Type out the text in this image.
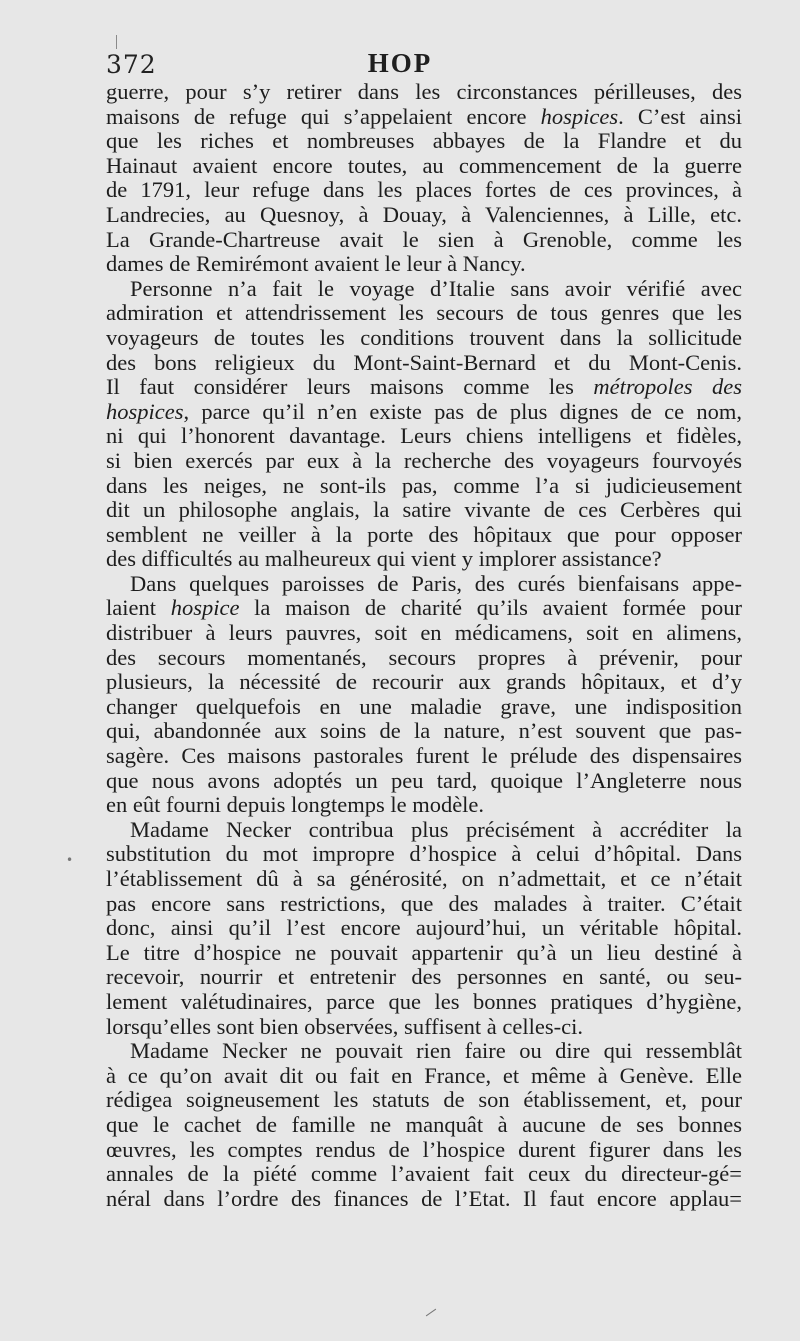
372	HOP
guerre, pour s’y retirer dans les circonstances périlleuses, des
maisons de refuge qui s’appelaient encore hospices. C’est ainsi
que les riches et nombreuses abbayes de la Flandre et du
Hainaut avaient encore toutes, au commencement de la guerre
de 1791, leur refuge dans les places fortes de ces provinces, à
Landrecies, au Quesnoy, à Douay, à Valenciennes, à Lille, etc.
La Grande-Chartreuse avait le sien à Grenoble, comme les
dames de Remirémont avaient le leur à Nancy.
Personne n’a fait le voyage d’Italie sans avoir vérifié avec
admiration et attendrissement les secours de tous genres que les
voyageurs de toutes les conditions trouvent dans la sollicitude
des bons religieux du Mont-Saint-Bernard et du Mont-Cenis.
Il faut considérer leurs maisons comme les métropoles des
hospices, parce qu’il n’en existe pas de plus dignes de ce nom,
ni qui l’honorent davantage. Leurs chiens intelligens et fidèles,
si bien exercés par eux à la recherche des voyageurs fourvoyés
dans les neiges, ne sont-ils pas, comme l’a si judicieusement
dit un philosophe anglais, la satire vivante de ces Cerbères qui
semblent ne veiller à la porte des hôpitaux que pour opposer
des difficultés au malheureux qui vient y implorer assistance?
Dans quelques paroisses de Paris, des curés bienfaisans appe-
laient hospice la maison de charité qu’ils avaient formée pour
distribuer à leurs pauvres, soit en médicamens, soit en alimens,
des secours momentanés, secours propres à prévenir, pour
plusieurs, la nécessité de recourir aux grands hôpitaux, et d’y
changer quelquefois en une maladie grave, une indisposition
qui, abandonnée aux soins de la nature, n’est souvent que pas-
sagère. Ces maisons pastorales furent le prélude des dispensaires
que nous avons adoptés un peu tard, quoique l’Angleterre nous
en eût fourni depuis longtemps le modèle.
Madame Necker contribua plus précisément à accréditer la
substitution du mot impropre d’hospice à celui d’hôpital. Dans
l’établissement dû à sa générosité, on n’admettait, et ce n’était
pas encore sans restrictions, que des malades à traiter. C’était
donc, ainsi qu’il l’est encore aujourd’hui, un véritable hôpital.
Le titre d’hospice ne pouvait appartenir qu’à un lieu destiné à
recevoir, nourrir et entretenir des personnes en santé, ou seu-
lement valétudinaires, parce que les bonnes pratiques d’hygiène,
lorsqu’elles sont bien observées, suffisent à celles-ci.
Madame Necker ne pouvait rien faire ou dire qui ressemblât
à ce qu’on avait dit ou fait en France, et même à Genève. Elle
rédigea soigneusement les statuts de son établissement, et, pour
que le cachet de famille ne manquât à aucune de ses bonnes
œuvres, les comptes rendus de l’hospice durent figurer dans les
annales de la piété comme l’avaient fait ceux du directeur-gé=
néral dans l’ordre des finances de l’Etat. Il faut encore applau=
•
